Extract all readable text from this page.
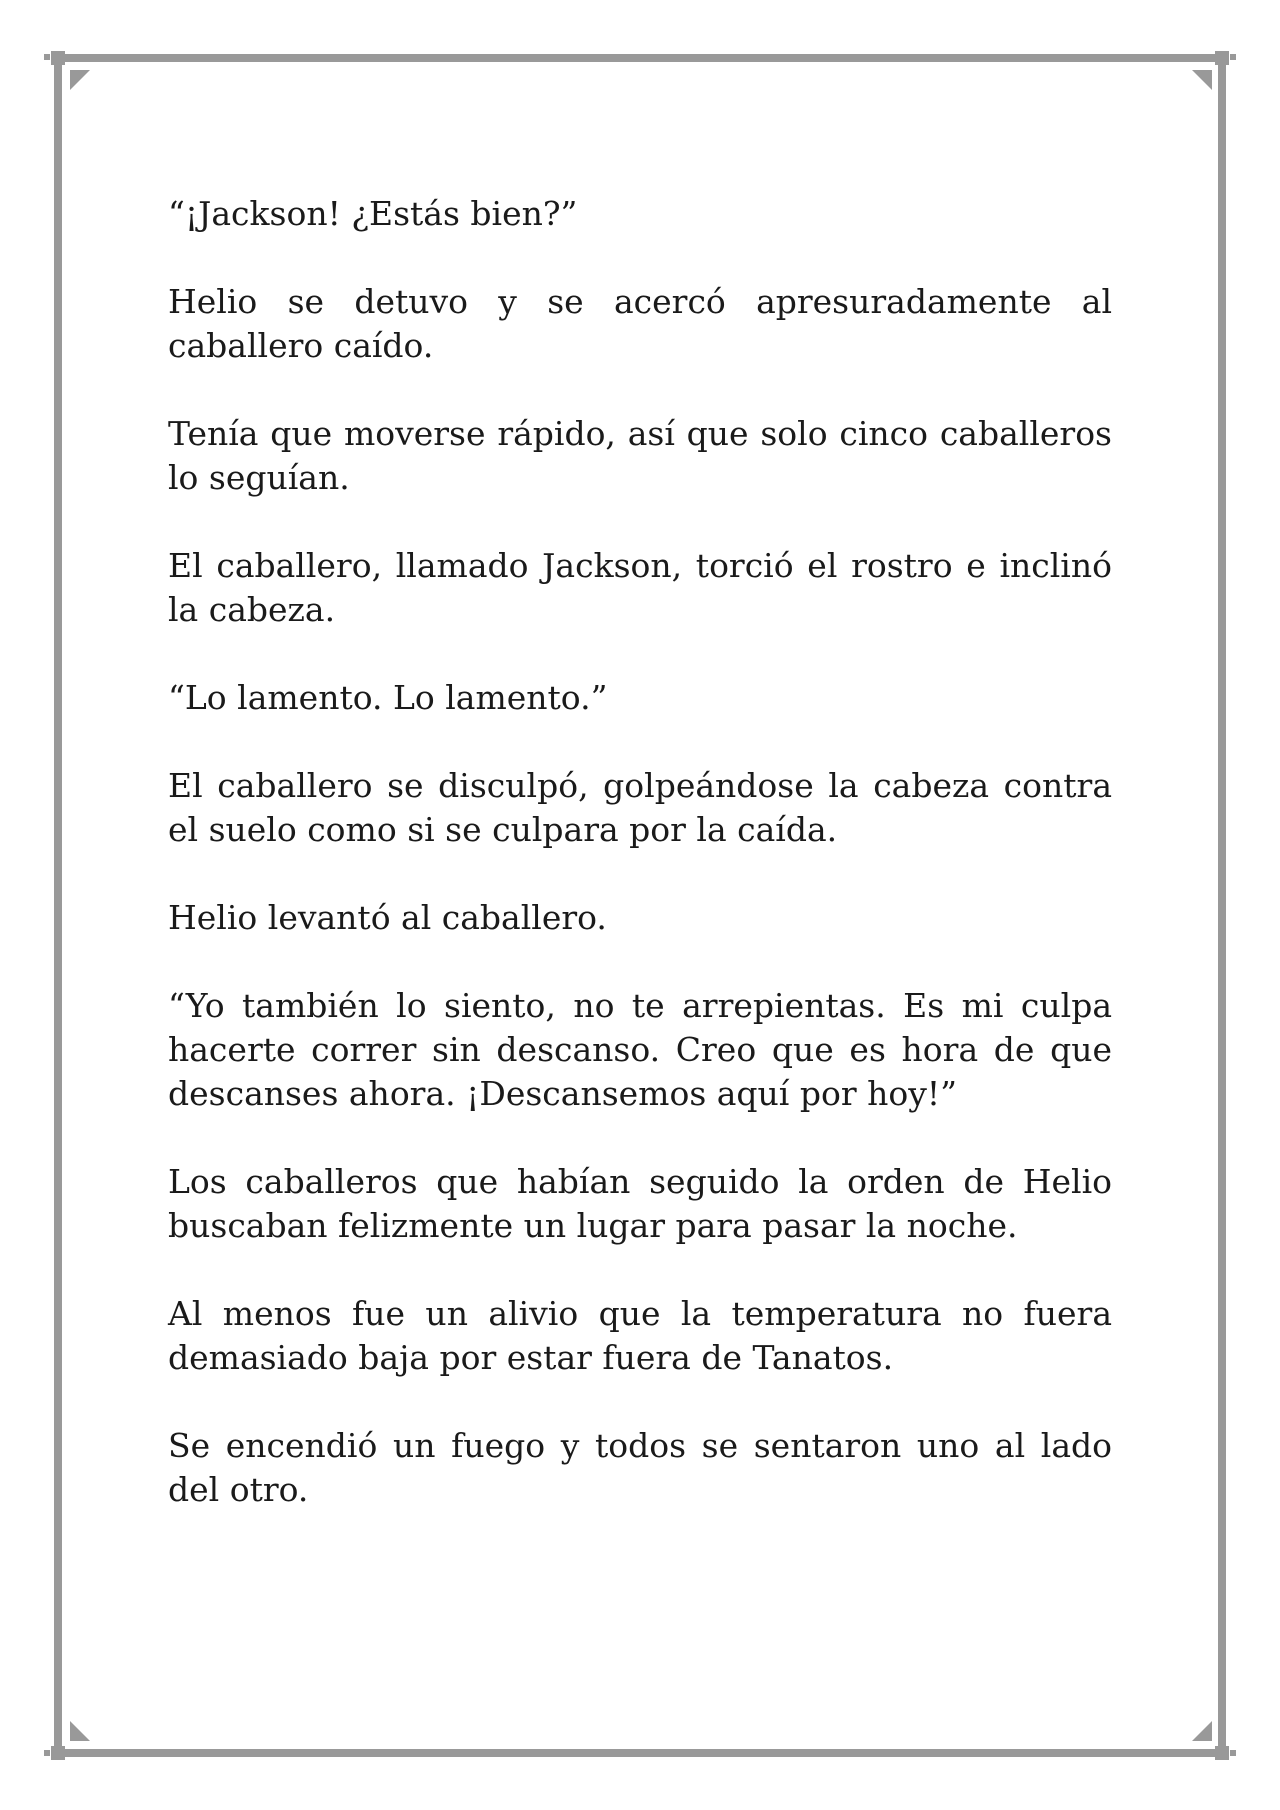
“¡Jackson! ¿Estás bien?”

Helio se detuvo y se acercó apresuradamente al caballero caído.

Tenía que moverse rápido, así que solo cinco caballeros lo seguían.

El caballero, llamado Jackson, torció el rostro e inclinó la cabeza.

“Lo lamento. Lo lamento.”

El caballero se disculpó, golpeándose la cabeza contra el suelo como si se culpara por la caída.

Helio levantó al caballero.

“Yo también lo siento, no te arrepientas. Es mi culpa hacerte correr sin descanso. Creo que es hora de que descanses ahora. ¡Descansemos aquí por hoy!”

Los caballeros que habían seguido la orden de Helio buscaban felizmente un lugar para pasar la noche.

Al menos fue un alivio que la temperatura no fuera demasiado baja por estar fuera de Tanatos.

Se encendió un fuego y todos se sentaron uno al lado del otro.
